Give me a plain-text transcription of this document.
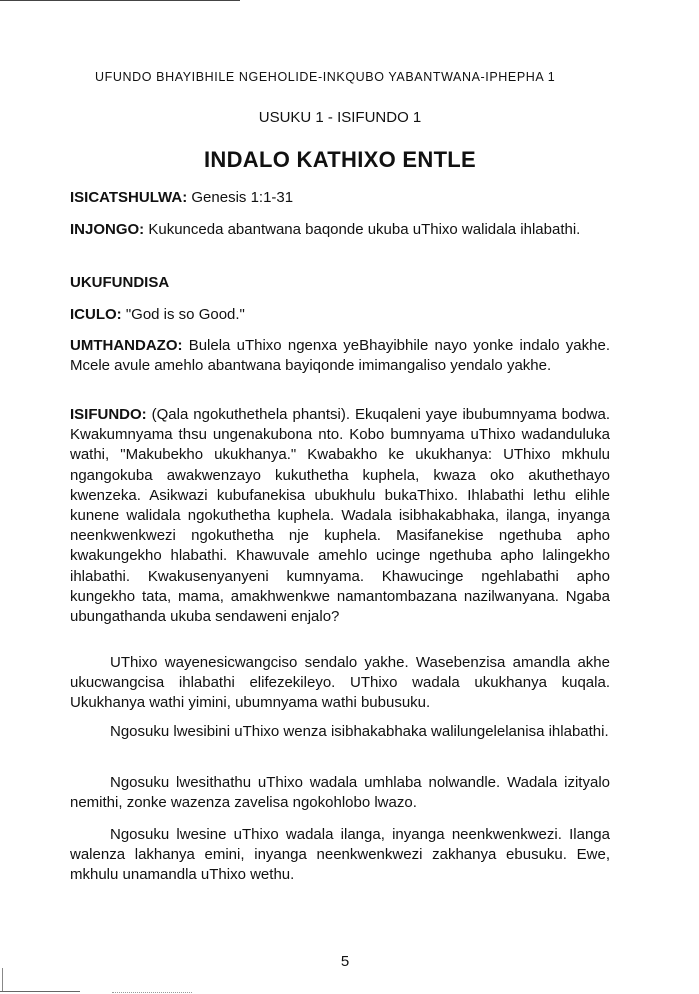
UFUNDO BHAYIBHILE NGEHOLIDE-INKQUBO YABANTWANA-IPHEPHA 1
USUKU 1 - ISIFUNDO 1
INDALO KATHIXO ENTLE

ISICATSHULWA: Genesis 1:1-31

INJONGO: Kukunceda abantwana baqonde ukuba uThixo walidala ihlabathi.

UKUFUNDISA

ICULO: "God is so Good."

UMTHANDAZO: Bulela uThixo ngenxa yeBhayibhile nayo yonke indalo yakhe. Mcele avule amehlo abantwana bayiqonde imimangaliso yendalo yakhe.

ISIFUNDO: (Qala ngokuthethela phantsi). Ekuqaleni yaye ibubumnyama bodwa. Kwakumnyama thsu ungenakubona nto. Kobo bumnyama uThixo wadanduluka wathi, "Makubekho ukukhanya." Kwabakho ke ukukhanya: UThixo mkhulu ngangokuba awakwenzayo kukuthetha kuphela, kwaza oko akuthethayo kwenzeka. Asikwazi kubufanekisa ubukhulu bukaThixo. Ihlabathi lethu elihle kunene walidala ngokuthetha kuphela. Wadala isibhakabhaka, ilanga, inyanga neenkwenkwezi ngokuthetha nje kuphela. Masifanekise ngethuba apho kwakungekho hlabathi. Khawuvale amehlo ucinge ngethuba apho lalingekho ihlabathi. Kwakusenyanyeni kumnyama. Khawucinge ngehlabathi apho kungekho tata, mama, amakhwenkwe namantombazana nazilwanyana. Ngaba ubungathanda ukuba sendaweni enjalo?

UThixo wayenesicwangciso sendalo yakhe. Wasebenzisa amandla akhe ukucwangcisa ihlabathi elifezekileyo. UThixo wadala ukukhanya kuqala. Ukukhanya wathi yimini, ubumnyama wathi bubusuku.

Ngosuku lwesibini uThixo wenza isibhakabhaka walilungelelanisa ihlabathi.

Ngosuku lwesithathu uThixo wadala umhlaba nolwandle. Wadala izityalo nemithi, zonke wazenza zavelisa ngokohlobo lwazo.

Ngosuku lwesine uThixo wadala ilanga, inyanga neenkwenkwezi. Ilanga walenza lakhanya emini, inyanga neenkwenkwezi zakhanya ebusuku. Ewe, mkhulu unamandla uThixo wethu.

5
